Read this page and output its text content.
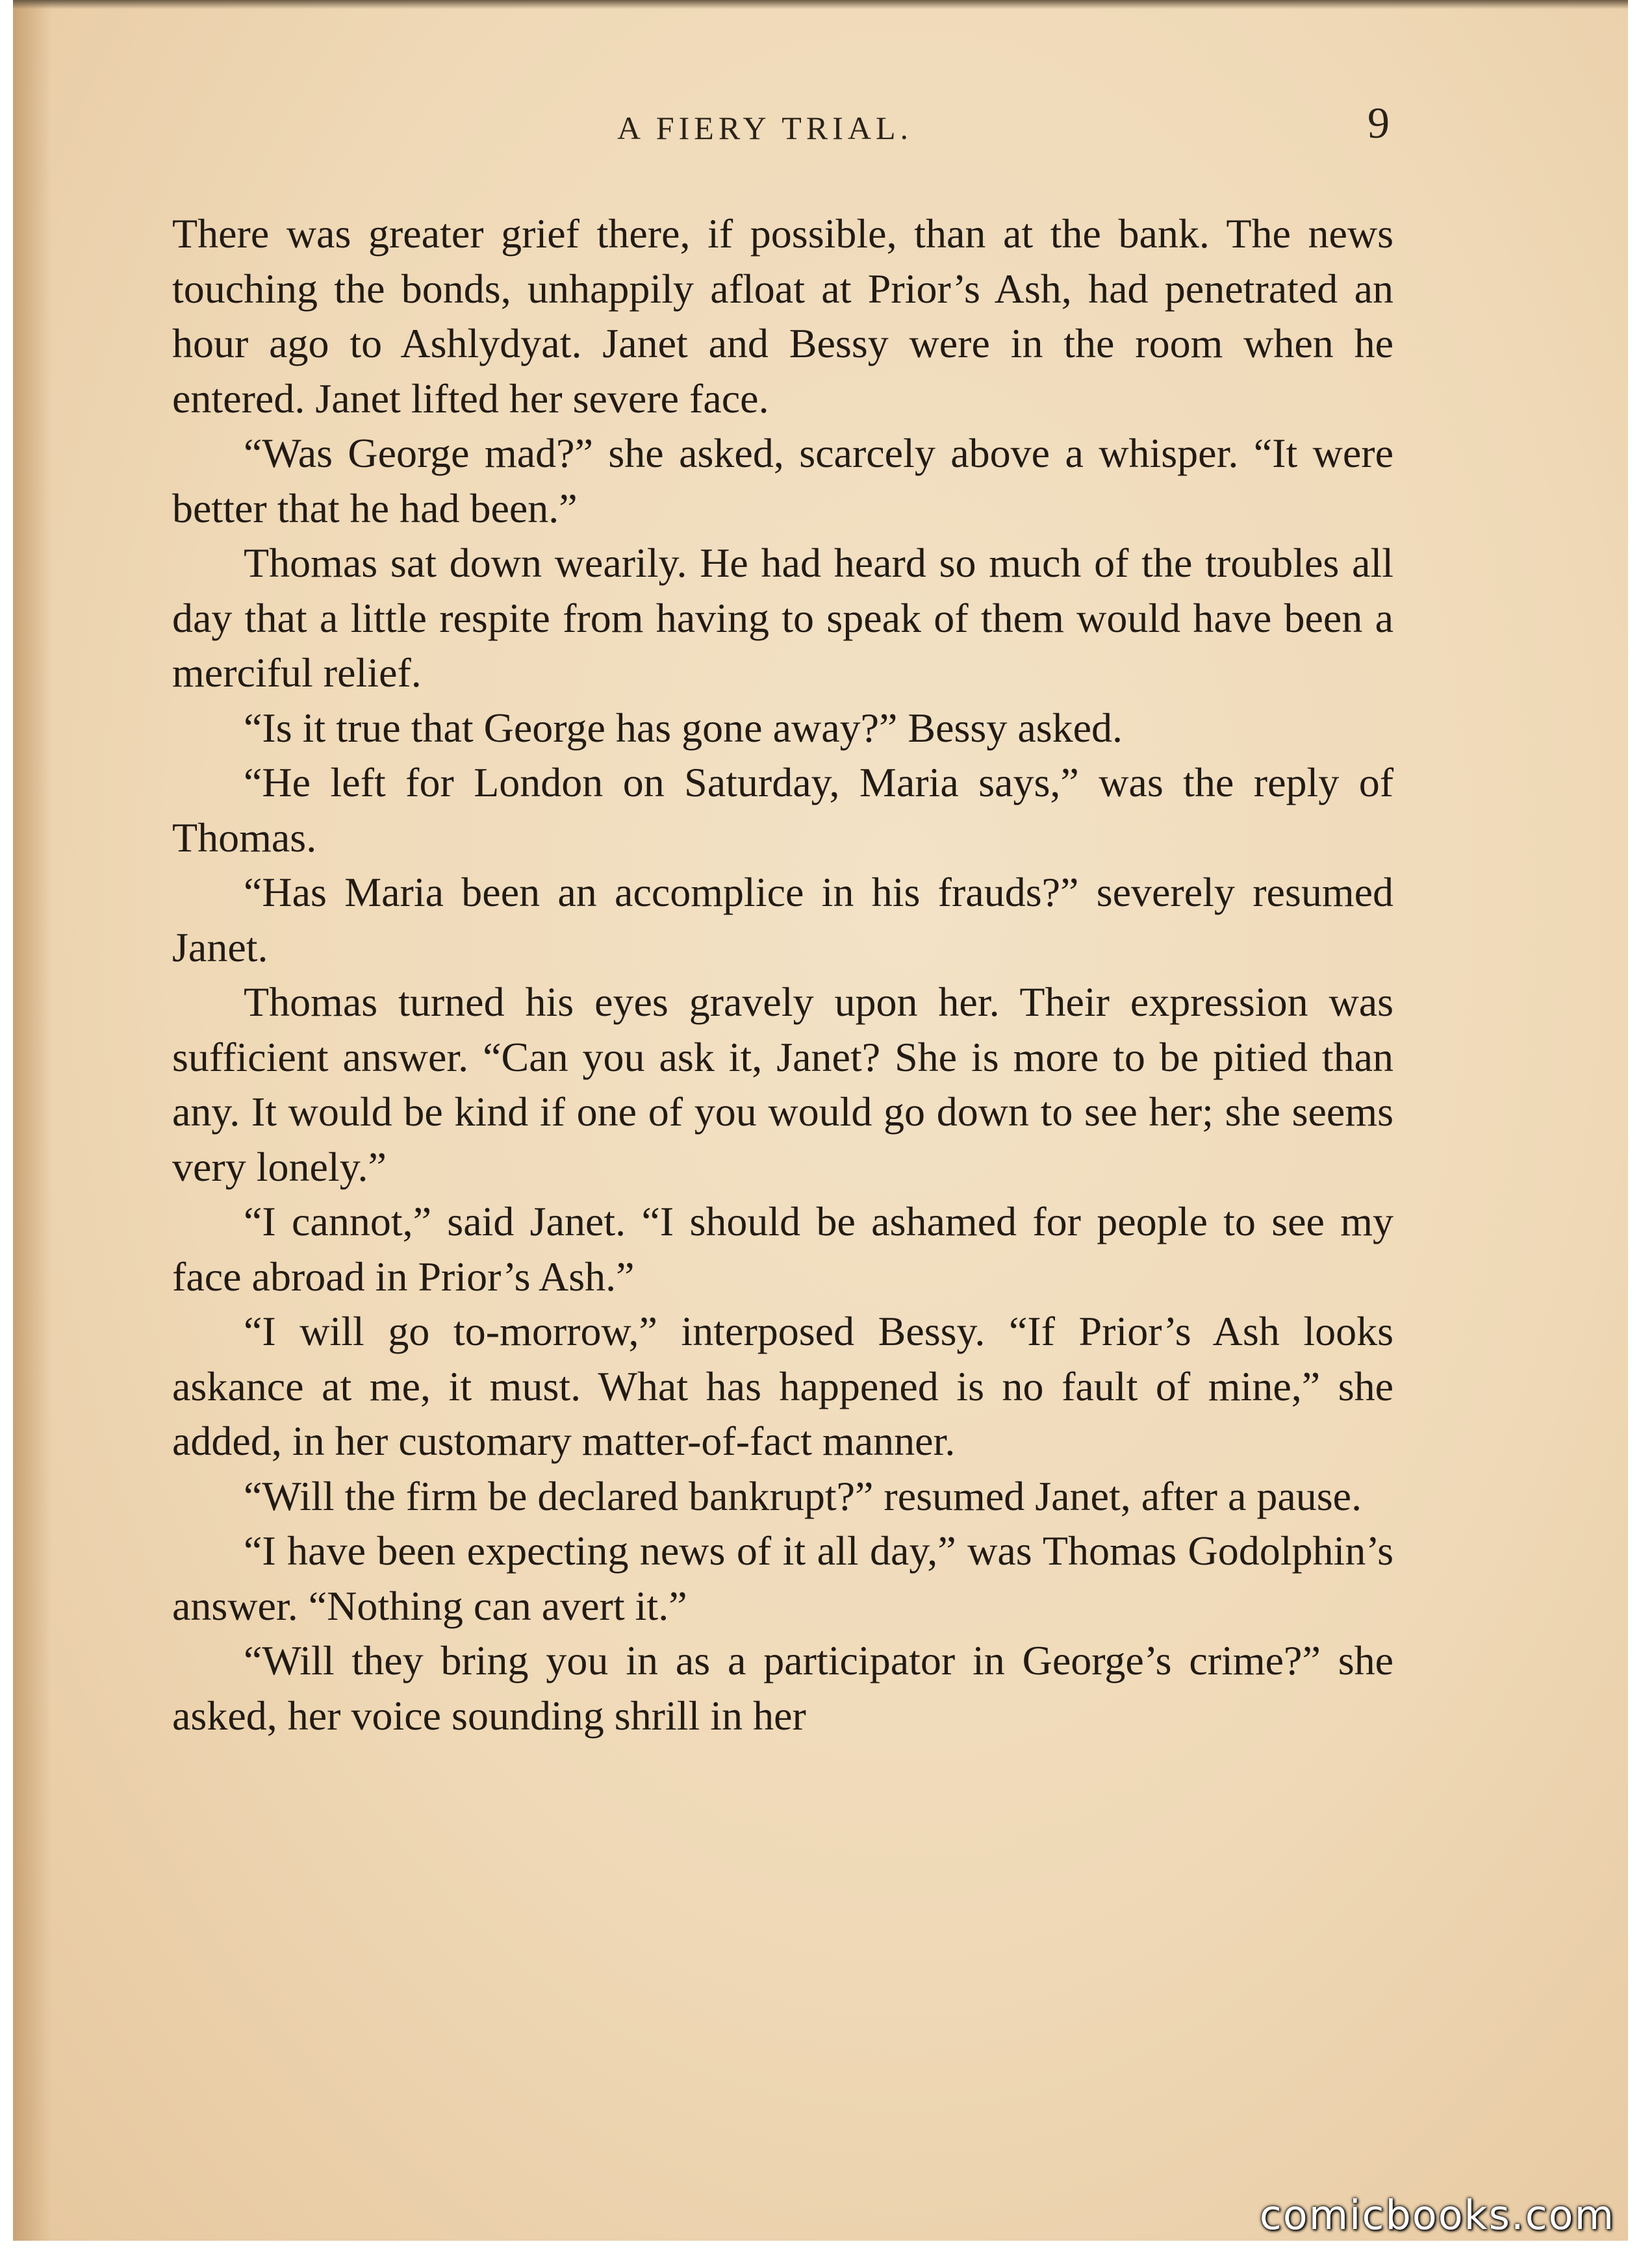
A FIERY TRIAL.	9

There was greater grief there, if possible, than at the bank. The news touching the bonds, unhappily afloat at Prior’s Ash, had penetrated an hour ago to Ashlydyat. Janet and Bessy were in the room when he entered. Janet lifted her severe face.

“Was George mad?” she asked, scarcely above a whisper. “It were better that he had been.”

Thomas sat down wearily. He had heard so much of the troubles all day that a little respite from having to speak of them would have been a merciful relief.

“Is it true that George has gone away?” Bessy asked.

“He left for London on Saturday, Maria says,” was the reply of Thomas.

“Has Maria been an accomplice in his frauds?” severely resumed Janet.

Thomas turned his eyes gravely upon her. Their expression was sufficient answer. “Can you ask it, Janet? She is more to be pitied than any. It would be kind if one of you would go down to see her; she seems very lonely.”

“I cannot,” said Janet. “I should be ashamed for people to see my face abroad in Prior’s Ash.”

“I will go to-morrow,” interposed Bessy. “If Prior’s Ash looks askance at me, it must. What has happened is no fault of mine,” she added, in her customary matter-of-fact manner.

“Will the firm be declared bankrupt?” resumed Janet, after a pause.

“I have been expecting news of it all day,” was Thomas Godolphin’s answer. “Nothing can avert it.”

“Will they bring you in as a participator in George’s crime?” she asked, her voice sounding shrill in her

comicbooks.com
